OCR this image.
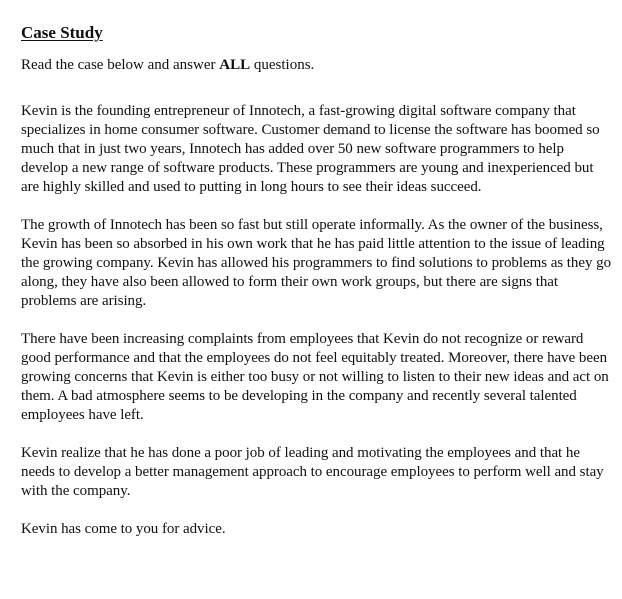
Case Study

Read the case below and answer ALL questions.

Kevin is the founding entrepreneur of Innotech, a fast-growing digital software company that specializes in home consumer software. Customer demand to license the software has boomed so much that in just two years, Innotech has added over 50 new software programmers to help develop a new range of software products. These programmers are young and inexperienced but are highly skilled and used to putting in long hours to see their ideas succeed.

The growth of Innotech has been so fast but still operate informally. As the owner of the business, Kevin has been so absorbed in his own work that he has paid little attention to the issue of leading the growing company. Kevin has allowed his programmers to find solutions to problems as they go along, they have also been allowed to form their own work groups, but there are signs that problems are arising.

There have been increasing complaints from employees that Kevin do not recognize or reward good performance and that the employees do not feel equitably treated. Moreover, there have been growing concerns that Kevin is either too busy or not willing to listen to their new ideas and act on them. A bad atmosphere seems to be developing in the company and recently several talented employees have left.

Kevin realize that he has done a poor job of leading and motivating the employees and that he needs to develop a better management approach to encourage employees to perform well and stay with the company.

Kevin has come to you for advice.
